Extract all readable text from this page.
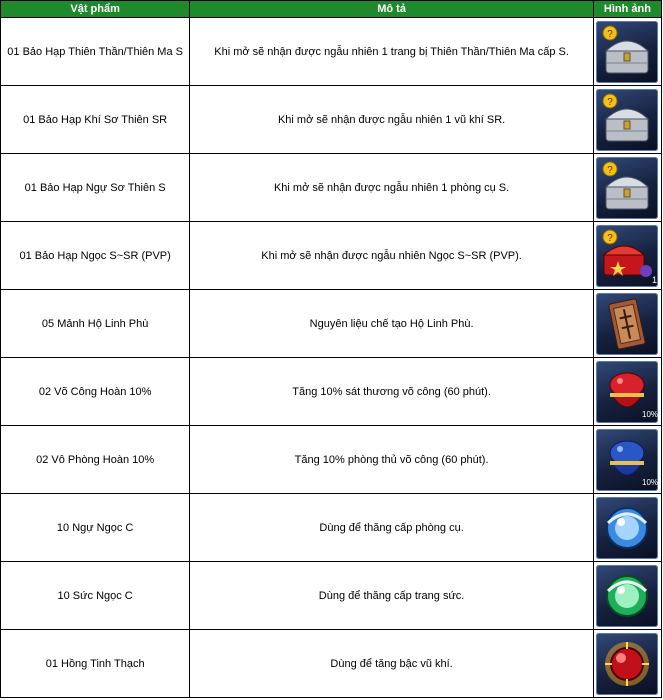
Vật phẩm	Mô tả	Hình ảnh
01 Bảo Hạp Thiên Thần/Thiên Ma S	Khi mở sẽ nhận được ngẫu nhiên 1 trang bị Thiên Thần/Thiên Ma cấp S.	?

01 Bảo Hạp Khí Sơ Thiên SR	Khi mở sẽ nhận được ngẫu nhiên 1 vũ khí SR.	?

01 Bảo Hạp Ngự Sơ Thiên S	Khi mở sẽ nhận được ngẫu nhiên 1 phòng cụ S.	?

01 Bảo Hạp Ngọc S~SR (PVP)	Khi mở sẽ nhận được ngẫu nhiên Ngọc S~SR (PVP).	1
?

05 Mảnh Hộ Linh Phù	Nguyên liệu chế tạo Hộ Linh Phù.	

02 Võ Công Hoàn 10%	Tăng 10% sát thương võ công (60 phút).	10%

02 Vô Phòng Hoàn 10%	Tăng 10% phòng thủ võ công (60 phút).	10%

10 Ngự Ngọc C	Dùng để thăng cấp phòng cụ.	

10 Sức Ngọc C	Dùng để thăng cấp trang sức.	

01 Hồng Tinh Thạch	Dùng để tăng bậc vũ khí.	
